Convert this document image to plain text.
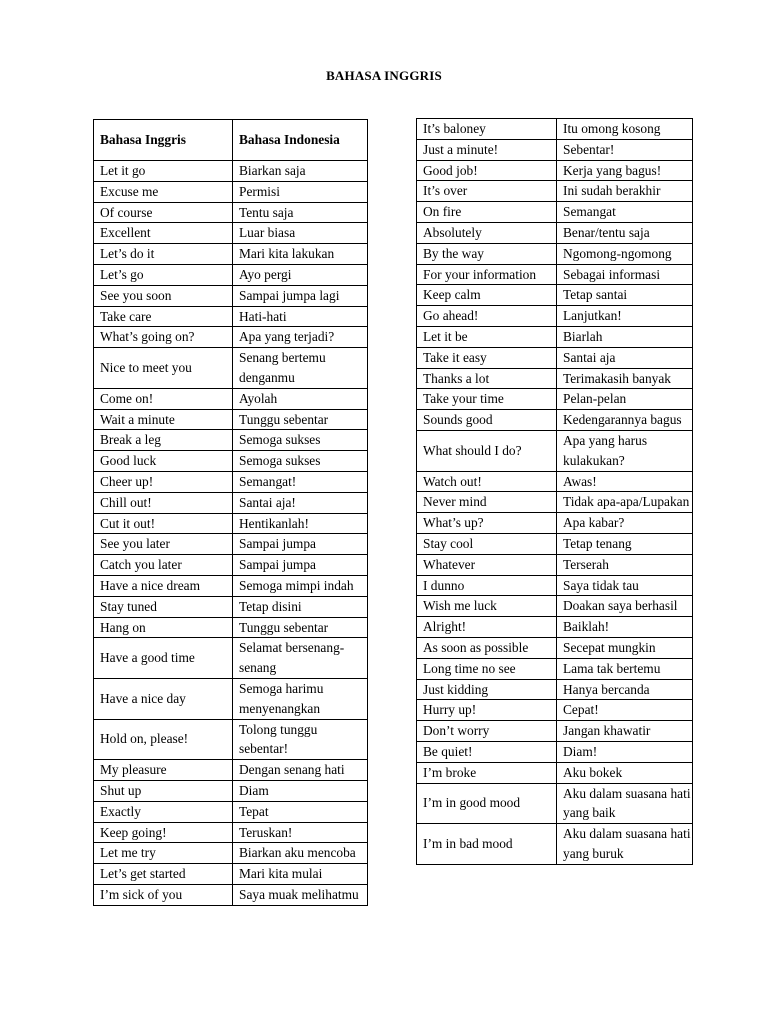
BAHASA INGGRIS
Bahasa Inggris	Bahasa Indonesia
Let it go	Biarkan saja
Excuse me	Permisi
Of course	Tentu saja
Excellent	Luar biasa
Let’s do it	Mari kita lakukan
Let’s go	Ayo pergi
See you soon	Sampai jumpa lagi
Take care	Hati-hati
What’s going on?	Apa yang terjadi?
Nice to meet you	Senang bertemu denganmu
Come on!	Ayolah
Wait a minute	Tunggu sebentar
Break a leg	Semoga sukses
Good luck	Semoga sukses
Cheer up!	Semangat!
Chill out!	Santai aja!
Cut it out!	Hentikanlah!
See you later	Sampai jumpa
Catch you later	Sampai jumpa
Have a nice dream	Semoga mimpi indah
Stay tuned	Tetap disini
Hang on	Tunggu sebentar
Have a good time	Selamat bersenang-senang
Have a nice day	Semoga harimu menyenangkan
Hold on, please!	Tolong tunggu sebentar!
My pleasure	Dengan senang hati
Shut up	Diam
Exactly	Tepat
Keep going!	Teruskan!
Let me try	Biarkan aku mencoba
Let’s get started	Mari kita mulai
I’m sick of you	Saya muak melihatmu
It’s baloney	Itu omong kosong
Just a minute!	Sebentar!
Good job!	Kerja yang bagus!
It’s over	Ini sudah berakhir
On fire	Semangat
Absolutely	Benar/tentu saja
By the way	Ngomong-ngomong
For your information	Sebagai informasi
Keep calm	Tetap santai
Go ahead!	Lanjutkan!
Let it be	Biarlah
Take it easy	Santai aja
Thanks a lot	Terimakasih banyak
Take your time	Pelan-pelan
Sounds good	Kedengarannya bagus
What should I do?	Apa yang harus kulakukan?
Watch out!	Awas!
Never mind	Tidak apa-apa/Lupakan
What’s up?	Apa kabar?
Stay cool	Tetap tenang
Whatever	Terserah
I dunno	Saya tidak tau
Wish me luck	Doakan saya berhasil
Alright!	Baiklah!
As soon as possible	Secepat mungkin
Long time no see	Lama tak bertemu
Just kidding	Hanya bercanda
Hurry up!	Cepat!
Don’t worry	Jangan khawatir
Be quiet!	Diam!
I’m broke	Aku bokek
I’m in good mood	Aku dalam suasana hati yang baik
I’m in bad mood	Aku dalam suasana hati yang buruk
